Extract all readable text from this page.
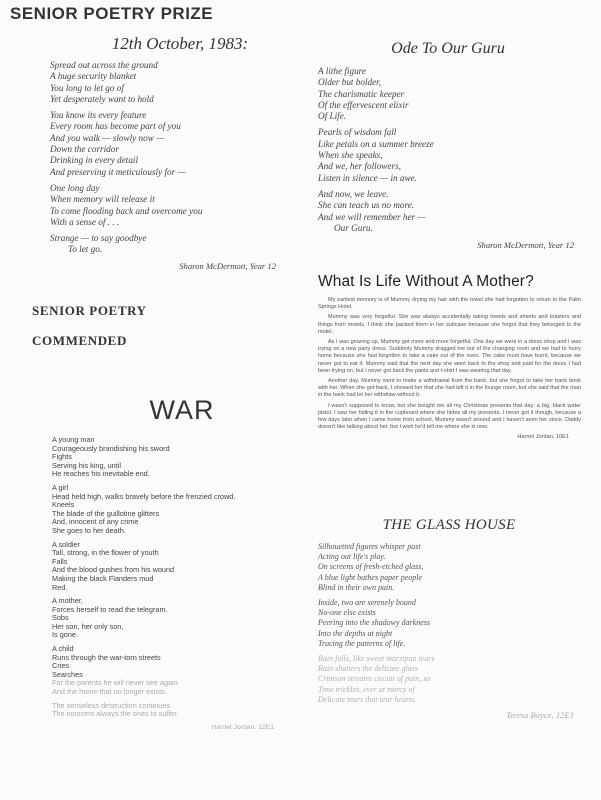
SENIOR POETRY PRIZE
12th October, 1983:
Spread out across the ground
A huge security blanket
You long to let go of
Yet desperately want to hold
You know its every feature
Every room has become part of you
And you walk — slowly now —
Down the corridor
Drinking in every detail
And preserving it meticulously for —
One long day
When memory will release it
To come flooding back and overcome you
With a sense of . . .
Strange — to say goodbye
To let go.
Sharon McDermott, Year 12
Ode To Our Guru
A lithe figure
Older but bolder,
The charismatic keeper
Of the effervescent elixir
Of Life.
Pearls of wisdom fall
Like petals on a summer breeze
When she speaks,
And we, her followers,
Listen in silence — in awe.
And now, we leave.
She can teach us no more.
And we will remember her —
Our Guru.
Sharon McDermott, Year 12
What Is Life Without A Mother?

My earliest memory is of Mummy drying my hair with the towel she had forgotten to return to the Palm Springs Hotel.

Mummy was very forgetful. She was always accidentally taking towels and sheets and toasters and things from motels. I think she packed them in her suitcase because she forgot that they belonged to the motel.

As I was growing up, Mummy got more and more forgetful. One day we were in a dress shop and I was trying on a new party dress. Suddenly Mummy dragged me out of the changing room and we had to hurry home because she had forgotten to take a cake out of the oven. The cake must have burnt, because we never got to eat it. Mummy said that the next day she went back to the shop and paid for the dress I had been trying on, but I never got back the pants and t-shirt I was wearing that day.

Another day, Mummy went to make a withdrawal from the bank, but she forgot to take her bank book with her. When she got back, I showed her that she had left it in the lounge room, but she said that the man in the bank had let her withdraw without it.

I wasn't supposed to know, but she bought me all my Christmas presents that day: a big, black water pistol. I saw her hiding it in the cupboard where she hides all my presents. I never got it though, because a few days later when I came home from school, Mummy wasn't around and I haven't seen her since. Daddy doesn't like talking about her, but I wish he'd tell me where she is now.

Harriet Jordan, 10E1
SENIOR POETRY
COMMENDED
WAR
A young man
Courageously brandishing his sword
Fights
Serving his king, until
He reaches his inevitable end.
A girl
Head held high, walks bravely before the frenzied crowd.
Kneels
The blade of the guillotine glitters
And, innocent of any crime
She goes to her death.
A soldier
Tall, strong, in the flower of youth
Falls
And the blood gushes from his wound
Making the black Flanders mud
Red.
A mother,
Forces herself to read the telegram.
Sobs
Her son, her only son,
Is gone.
A child
Runs through the war-torn streets
Cries
Searches
For the parents he will never see again
And the home that no longer exists.
The senseless destruction continues
The innocent always the ones to suffer.
Harriet Jordan, 12E1
THE GLASS HOUSE
Silhouetted figures whisper past
Acting out life's play.
On screens of fresh-etched glass,
A blue light bathes paper people
Blind in their own pain.
Inside, two are serenely bound
No-one else exists
Peering into the shadowy darkness
Into the depths at night
Tracing the patterns of life.
Rain falls, like sweet marzipan tears
Rain shatters the delicate glass
Crimson streams circuit of pain, so
Time trickles, ever at mercy of
Delicate tears that tear hearts.
Teresa Boyce, 12E1
